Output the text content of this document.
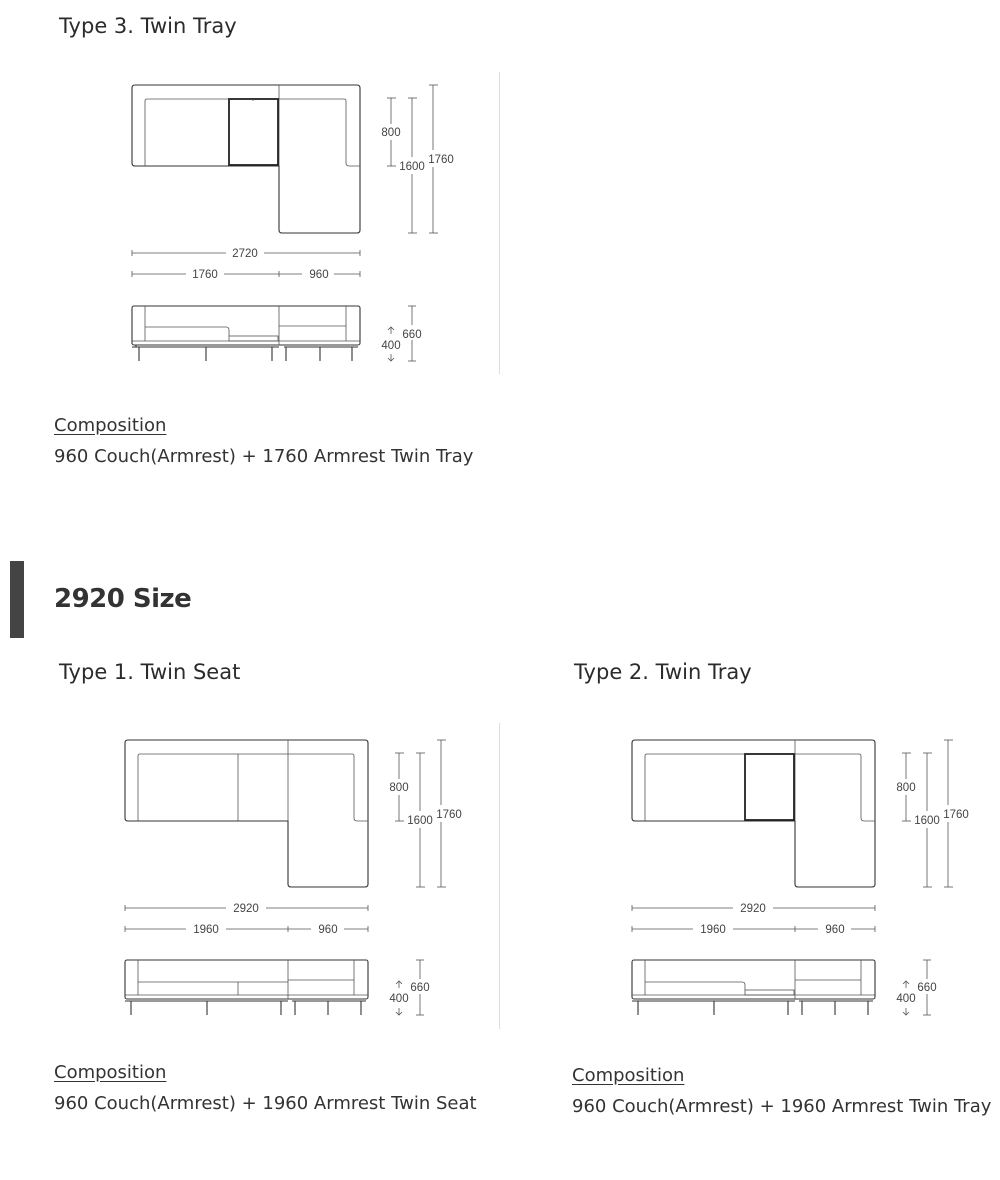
Type 3. Twin Tray
800
1600
1760
2720
1760	960
400
660
Composition
960 Couch(Armrest) + 1760 Armrest Twin Tray
2920 Size
Type 1. Twin Seat	Type 2. Twin Tray
800
1600 1760
2920
1960	960
400
660
800
1600 1760
2920
1960	960
400
660
Composition
960 Couch(Armrest) + 1960 Armrest Twin Seat
Composition
960 Couch(Armrest) + 1960 Armrest Twin Tray
